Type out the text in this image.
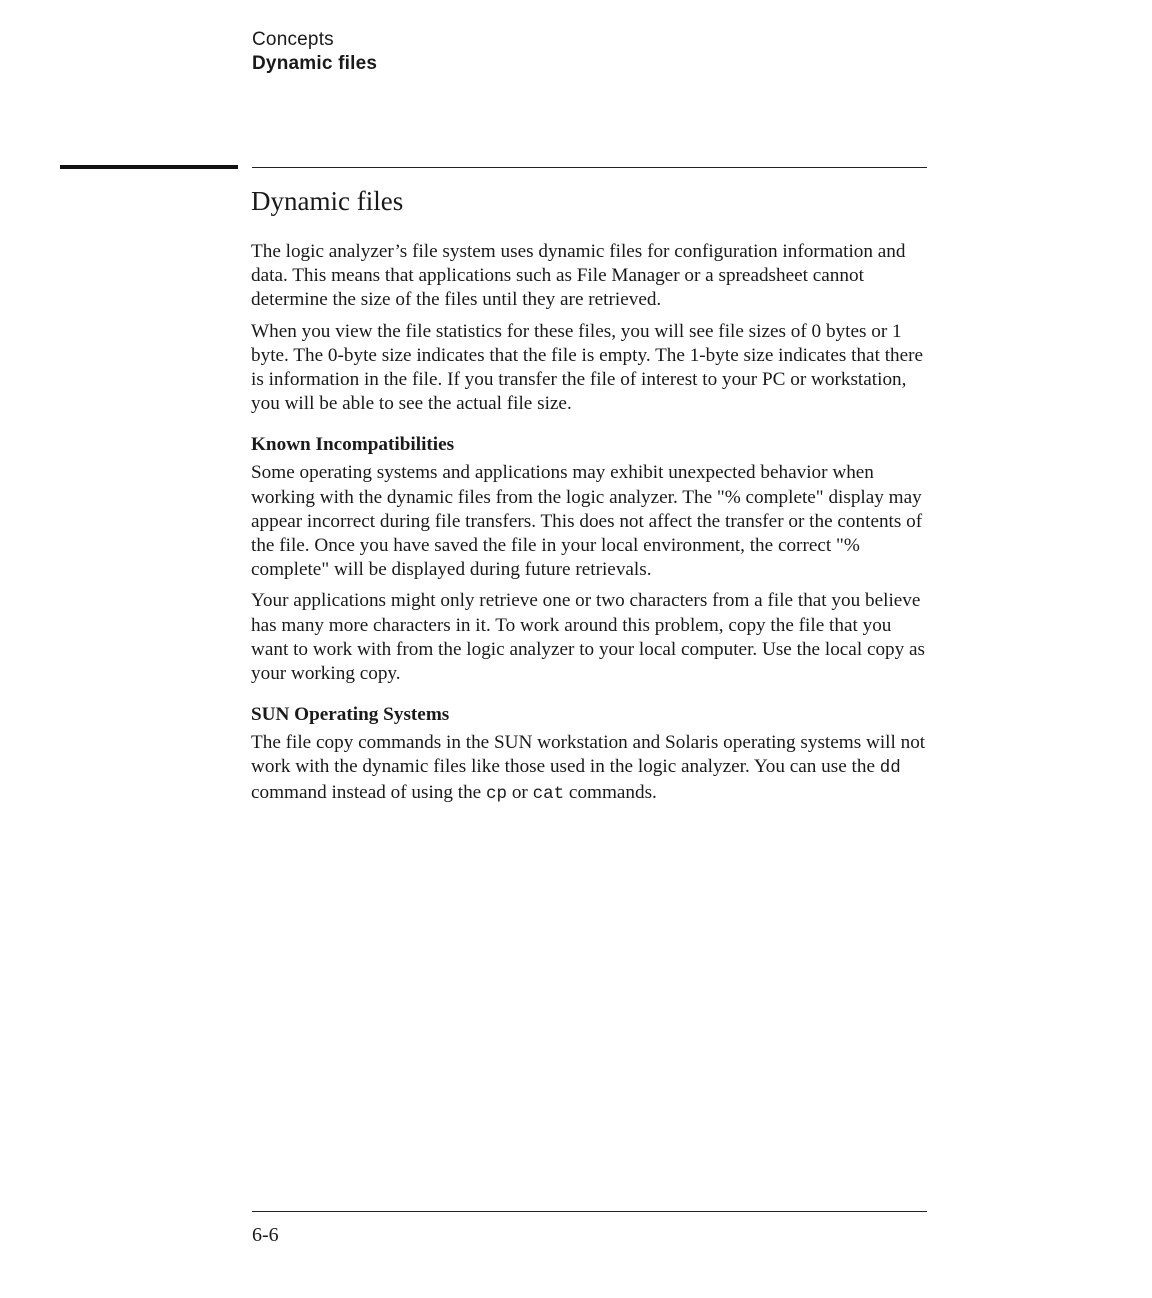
Concepts
Dynamic files
Dynamic files

The logic analyzer’s file system uses dynamic files for configuration information and data. This means that applications such as File Manager or a spreadsheet cannot determine the size of the files until they are retrieved.

When you view the file statistics for these files, you will see file sizes of 0 bytes or 1 byte. The 0-byte size indicates that the file is empty. The 1-byte size indicates that there is information in the file. If you transfer the file of interest to your PC or workstation, you will be able to see the actual file size.

Known Incompatibilities

Some operating systems and applications may exhibit unexpected behavior when working with the dynamic files from the logic analyzer. The "% complete" display may appear incorrect during file transfers. This does not affect the transfer or the contents of the file. Once you have saved the file in your local environment, the correct "% complete" will be displayed during future retrievals.

Your applications might only retrieve one or two characters from a file that you believe has many more characters in it. To work around this problem, copy the file that you want to work with from the logic analyzer to your local computer. Use the local copy as your working copy.

SUN Operating Systems

The file copy commands in the SUN workstation and Solaris operating systems will not work with the dynamic files like those used in the logic analyzer. You can use the dd command instead of using the cp or cat commands.

6-6
